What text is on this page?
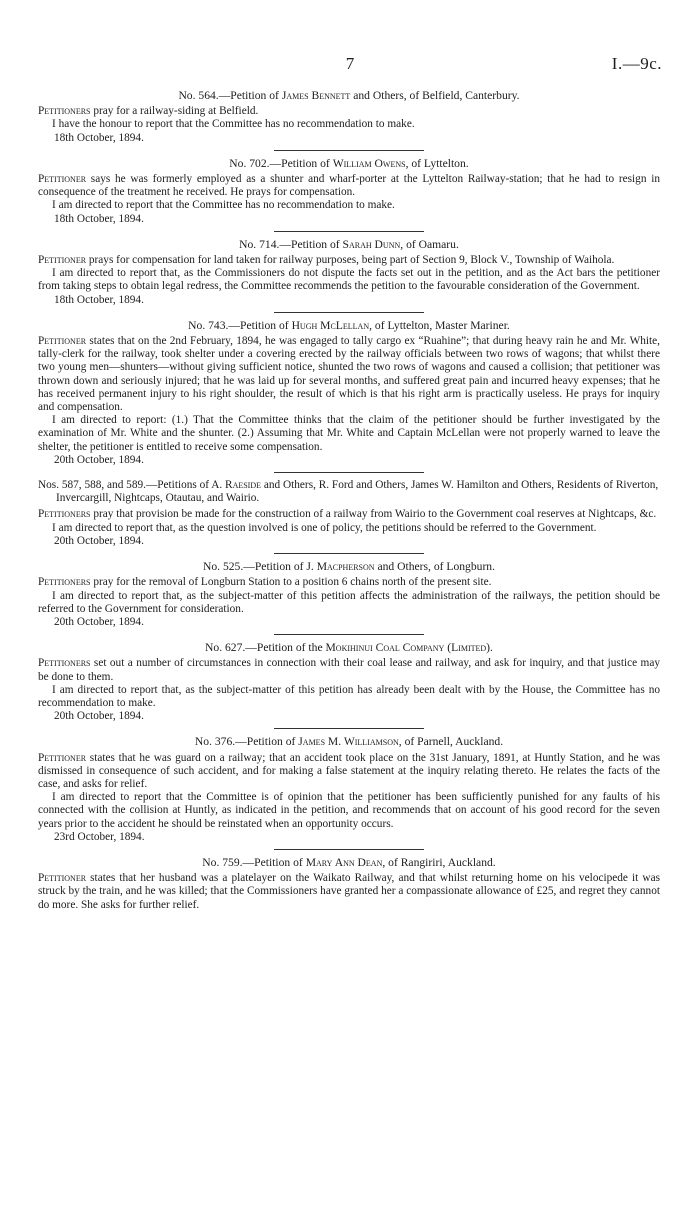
7	I.—9c.

No. 564.—Petition of James Bennett and Others, of Belfield, Canterbury.

Petitioners pray for a railway-siding at Belfield.

I have the honour to report that the Committee has no recommendation to make.

18th October, 1894.

No. 702.—Petition of William Owens, of Lyttelton.

Petitioner says he was formerly employed as a shunter and wharf-porter at the Lyttelton Railway-station; that he had to resign in consequence of the treatment he received. He prays for compensation.

I am directed to report that the Committee has no recommendation to make.

18th October, 1894.

No. 714.—Petition of Sarah Dunn, of Oamaru.

Petitioner prays for compensation for land taken for railway purposes, being part of Section 9, Block V., Township of Waihola.

I am directed to report that, as the Commissioners do not dispute the facts set out in the petition, and as the Act bars the petitioner from taking steps to obtain legal redress, the Committee recommends the petition to the favourable consideration of the Government.

18th October, 1894.

No. 743.—Petition of Hugh McLellan, of Lyttelton, Master Mariner.

Petitioner states that on the 2nd February, 1894, he was engaged to tally cargo ex “Ruahine”; that during heavy rain he and Mr. White, tally-clerk for the railway, took shelter under a covering erected by the railway officials between two rows of wagons; that whilst there two young men—shunters—without giving sufficient notice, shunted the two rows of wagons and caused a collision; that petitioner was thrown down and seriously injured; that he was laid up for several months, and suffered great pain and incurred heavy expenses; that he has received permanent injury to his right shoulder, the result of which is that his right arm is practically useless. He prays for inquiry and compensation.

I am directed to report: (1.) That the Committee thinks that the claim of the petitioner should be further investigated by the examination of Mr. White and the shunter. (2.) Assuming that Mr. White and Captain McLellan were not properly warned to leave the shelter, the petitioner is entitled to receive some compensation.

20th October, 1894.

Nos. 587, 588, and 589.—Petitions of A. Raeside and Others, R. Ford and Others, James W. Hamilton and Others, Residents of Riverton, Invercargill, Nightcaps, Otautau, and Wairio.

Petitioners pray that provision be made for the construction of a railway from Wairio to the Government coal reserves at Nightcaps, &c.

I am directed to report that, as the question involved is one of policy, the petitions should be referred to the Government.

20th October, 1894.

No. 525.—Petition of J. Macpherson and Others, of Longburn.

Petitioners pray for the removal of Longburn Station to a position 6 chains north of the present site.

I am directed to report that, as the subject-matter of this petition affects the administration of the railways, the petition should be referred to the Government for consideration.

20th October, 1894.

No. 627.—Petition of the Mokihinui Coal Company (Limited).

Petitioners set out a number of circumstances in connection with their coal lease and railway, and ask for inquiry, and that justice may be done to them.

I am directed to report that, as the subject-matter of this petition has already been dealt with by the House, the Committee has no recommendation to make.

20th October, 1894.

No. 376.—Petition of James M. Williamson, of Parnell, Auckland.

Petitioner states that he was guard on a railway; that an accident took place on the 31st January, 1891, at Huntly Station, and he was dismissed in consequence of such accident, and for making a false statement at the inquiry relating thereto. He relates the facts of the case, and asks for relief.

I am directed to report that the Committee is of opinion that the petitioner has been sufficiently punished for any faults of his connected with the collision at Huntly, as indicated in the petition, and recommends that on account of his good record for the seven years prior to the accident he should be reinstated when an opportunity occurs.

23rd October, 1894.

No. 759.—Petition of Mary Ann Dean, of Rangiriri, Auckland.

Petitioner states that her husband was a platelayer on the Waikato Railway, and that whilst returning home on his velocipede it was struck by the train, and he was killed; that the Commissioners have granted her a compassionate allowance of £25, and regret they cannot do more. She asks for further relief.
